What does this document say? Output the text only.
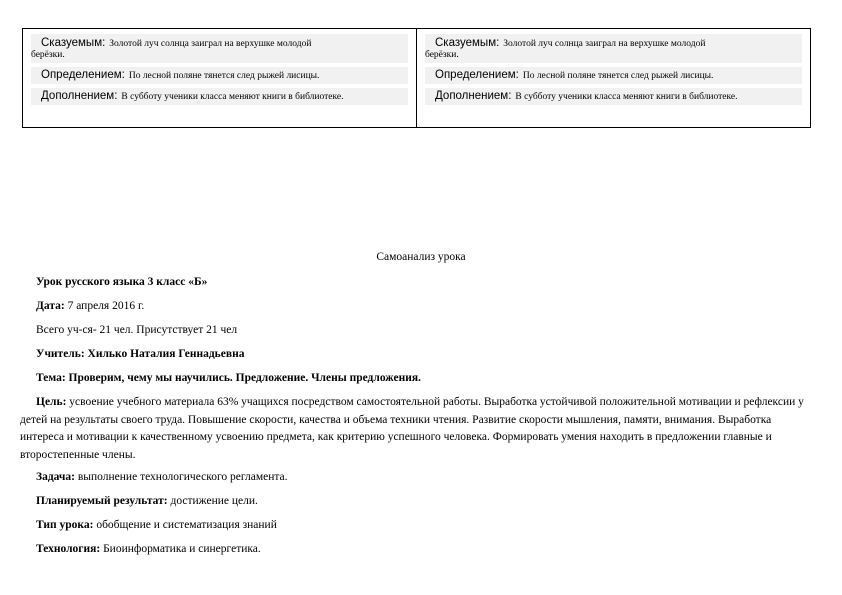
Сказуемым: Золотой луч солнца заиграл на верхушке молодой
берёзки.
Определением: По лесной поляне тянется след рыжей лисицы.
Дополнением: В субботу ученики класса меняют книги в библиотеке.
Сказуемым: Золотой луч солнца заиграл на верхушке молодой
берёзки.
Определением: По лесной поляне тянется след рыжей лисицы.
Дополнением: В субботу ученики класса меняют книги в библиотеке.
Самоанализ урока
Урок русского языка 3 класс «Б»
Дата: 7 апреля 2016 г.
Всего уч-ся- 21 чел. Присутствует 21 чел
Учитель: Хилько Наталия Геннадьевна
Тема: Проверим, чему мы научились. Предложение. Члены предложения.
Цель: усвоение учебного материала 63% учащихся посредством самостоятельной работы. Выработка устойчивой положительной мотивации и рефлексии у детей на результаты своего труда. Повышение скорости, качества и объема техники чтения. Развитие скорости мышления, памяти, внимания. Выработка интереса и мотивации к качественному усвоению предмета, как критерию успешного человека. Формировать умения находить в предложении главные и второстепенные члены.
Задача: выполнение технологического регламента.
Планируемый результат: достижение цели.
Тип урока: обобщение и систематизация знаний
Технология: Биоинформатика и синергетика.
